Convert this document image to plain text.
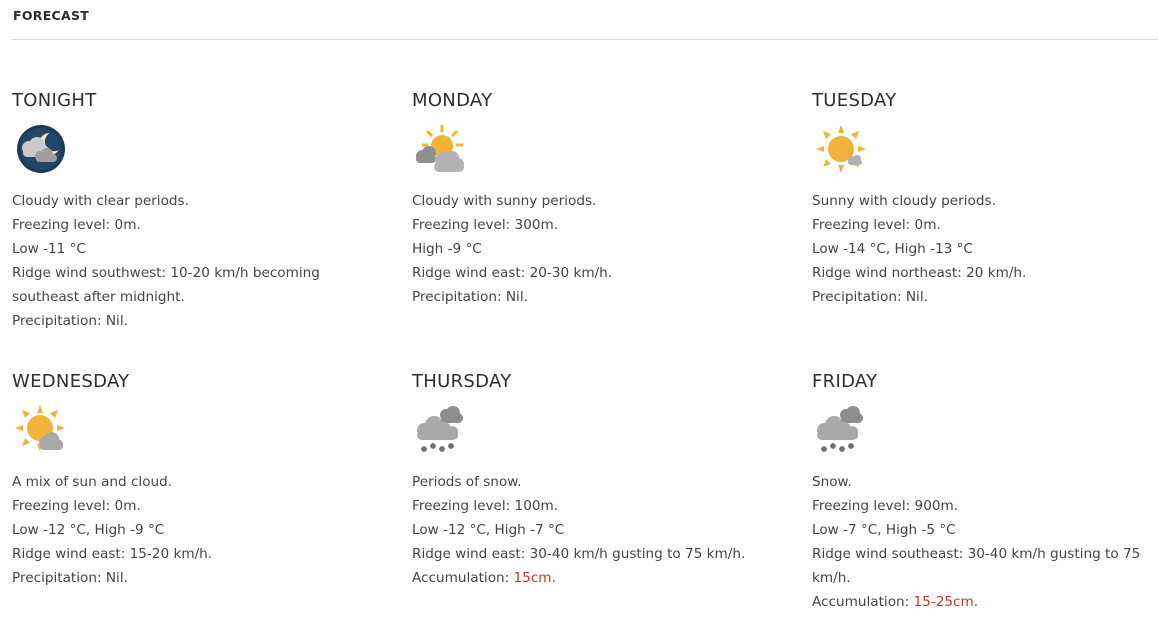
FORECAST
TONIGHT
Cloudy with clear periods.
Freezing level: 0m.
Low -11 °C
Ridge wind southwest: 10-20 km/h becoming southeast after midnight.
Precipitation: Nil.
MONDAY
Cloudy with sunny periods.
Freezing level: 300m.
High -9 °C
Ridge wind east: 20-30 km/h.
Precipitation: Nil.
TUESDAY
Sunny with cloudy periods.
Freezing level: 0m.
Low -14 °C, High -13 °C
Ridge wind northeast: 20 km/h.
Precipitation: Nil.
WEDNESDAY
A mix of sun and cloud.
Freezing level: 0m.
Low -12 °C, High -9 °C
Ridge wind east: 15-20 km/h.
Precipitation: Nil.
THURSDAY
Periods of snow.
Freezing level: 100m.
Low -12 °C, High -7 °C
Ridge wind east: 30-40 km/h gusting to 75 km/h.
Accumulation: 15cm.
FRIDAY
Snow.
Freezing level: 900m.
Low -7 °C, High -5 °C
Ridge wind southeast: 30-40 km/h gusting to 75 km/h.
Accumulation: 15-25cm.
